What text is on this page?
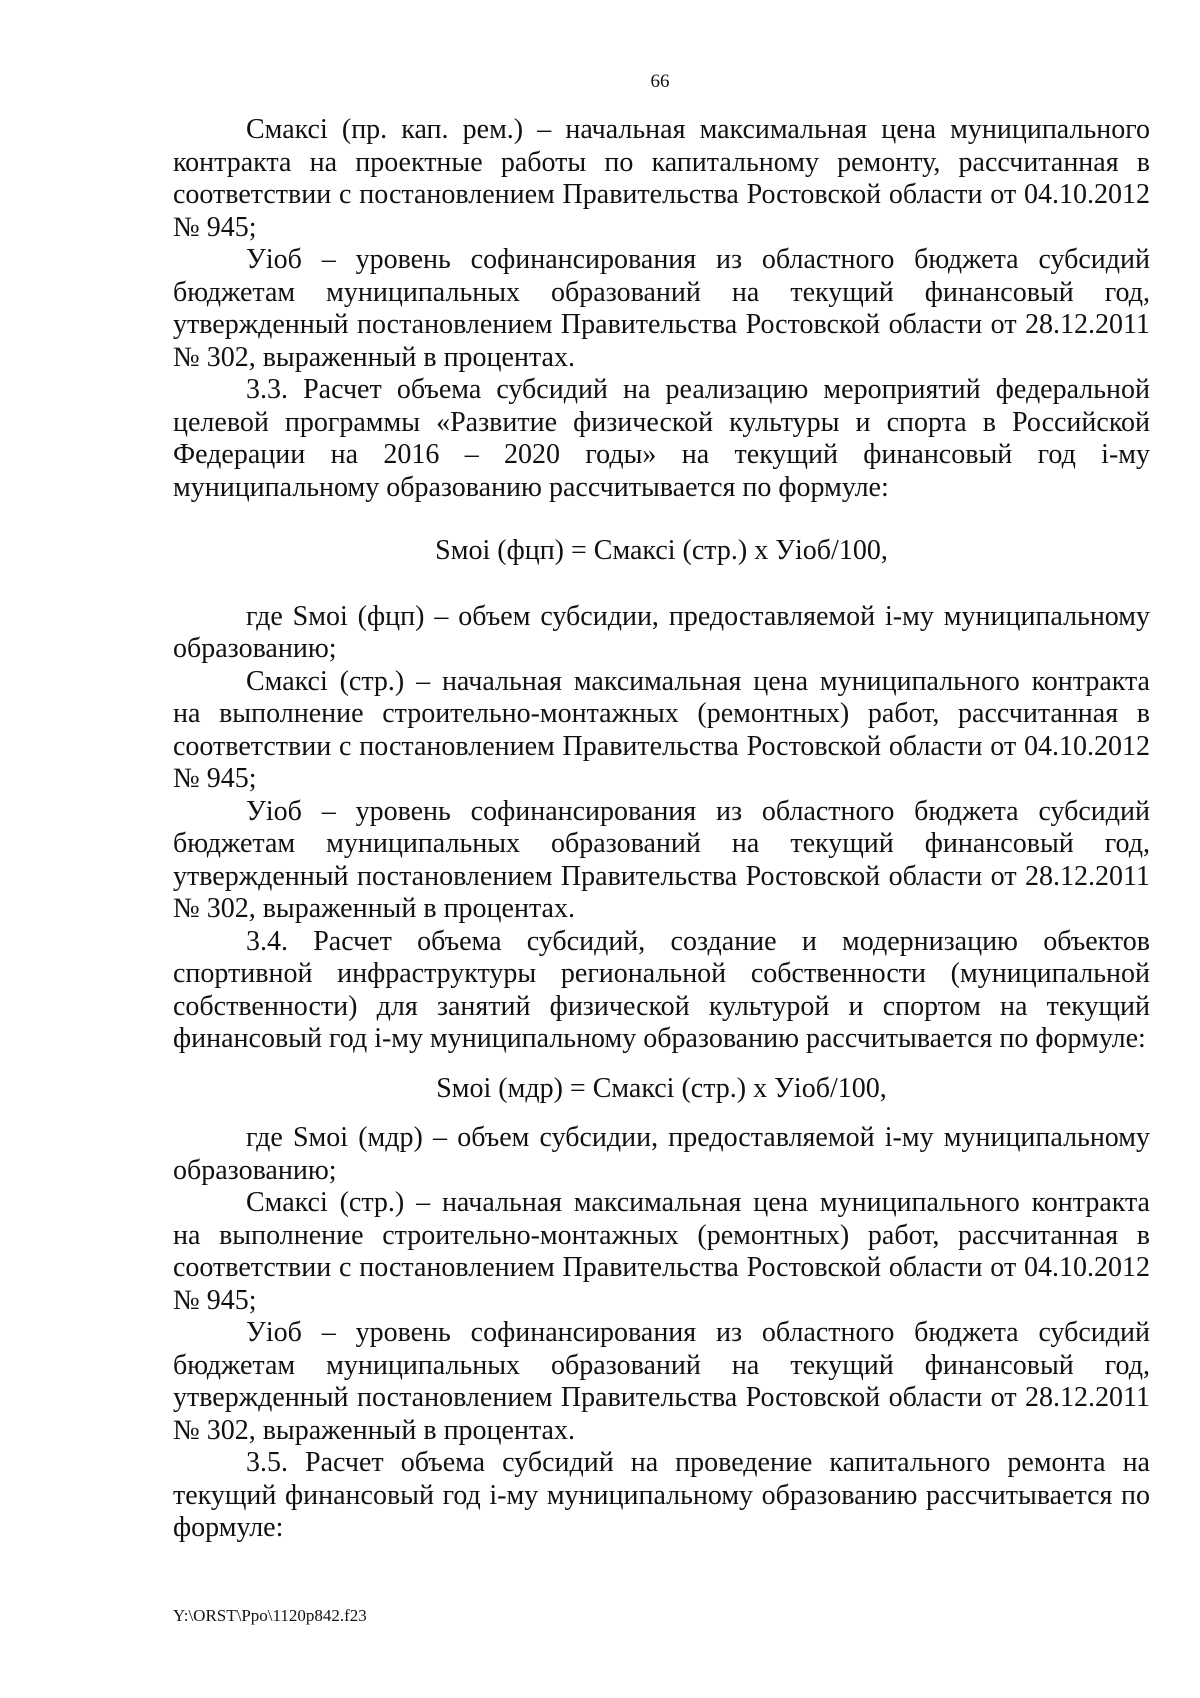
66

Смаксі (пр. кап. рем.) – начальная максимальная цена муниципального контракта на проектные работы по капитальному ремонту, рассчитанная в соответствии с постановлением Правительства Ростовской области от 04.10.2012 № 945;

Уіоб – уровень софинансирования из областного бюджета субсидий бюджетам муниципальных образований на текущий финансовый год, утвержденный постановлением Правительства Ростовской области от 28.12.2011 № 302, выраженный в процентах.

3.3. Расчет объема субсидий на реализацию мероприятий федеральной целевой программы «Развитие физической культуры и спорта в Российской Федерации на 2016 – 2020 годы» на текущий финансовый год і-му муниципальному образованию рассчитывается по формуле:

Sмоі (фцп) = Смаксі (стр.) х Уіоб/100,

где Sмоі (фцп) – объем субсидии, предоставляемой і-му муниципальному образованию;

Смаксі (стр.) – начальная максимальная цена муниципального контракта на выполнение строительно-монтажных (ремонтных) работ, рассчитанная в соответствии с постановлением Правительства Ростовской области от 04.10.2012 № 945;

Уіоб – уровень софинансирования из областного бюджета субсидий бюджетам муниципальных образований на текущий финансовый год, утвержденный постановлением Правительства Ростовской области от 28.12.2011 № 302, выраженный в процентах.

3.4. Расчет объема субсидий, создание и модернизацию объектов спортивной инфраструктуры региональной собственности (муниципальной собственности) для занятий физической культурой и спортом на текущий финансовый год і-му муниципальному образованию рассчитывается по формуле:

Sмоі (мдр) = Смаксі (стр.) х Уіоб/100,

где Sмоі (мдр) – объем субсидии, предоставляемой і-му муниципальному образованию;

Смаксі (стр.) – начальная максимальная цена муниципального контракта на выполнение строительно-монтажных (ремонтных) работ, рассчитанная в соответствии с постановлением Правительства Ростовской области от 04.10.2012 № 945;

Уіоб – уровень софинансирования из областного бюджета субсидий бюджетам муниципальных образований на текущий финансовый год, утвержденный постановлением Правительства Ростовской области от 28.12.2011 № 302, выраженный в процентах.

3.5. Расчет объема субсидий на проведение капитального ремонта на текущий финансовый год і-му муниципальному образованию рассчитывается по формуле:

Y:\ORST\Ppo\1120p842.f23
